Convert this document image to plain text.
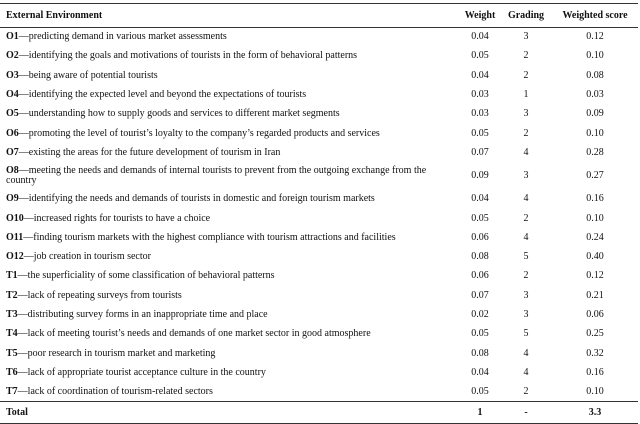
External Environment	Weight	Grading	Weighted score
O1—predicting demand in various market assessments	0.04	3	0.12
O2—identifying the goals and motivations of tourists in the form of behavioral patterns	0.05	2	0.10
O3—being aware of potential tourists	0.04	2	0.08
O4—identifying the expected level and beyond the expectations of tourists	0.03	1	0.03
O5—understanding how to supply goods and services to different market segments	0.03	3	0.09
O6—promoting the level of tourist’s loyalty to the company’s regarded products and services	0.05	2	0.10
O7—existing the areas for the future development of tourism in Iran	0.07	4	0.28
O8—meeting the needs and demands of internal tourists to prevent from the outgoing exchange from the country	0.09	3	0.27
O9—identifying the needs and demands of tourists in domestic and foreign tourism markets	0.04	4	0.16
O10—increased rights for tourists to have a choice	0.05	2	0.10
O11—finding tourism markets with the highest compliance with tourism attractions and facilities	0.06	4	0.24
O12—job creation in tourism sector	0.08	5	0.40
T1—the superficiality of some classification of behavioral patterns	0.06	2	0.12
T2—lack of repeating surveys from tourists	0.07	3	0.21
T3—distributing survey forms in an inappropriate time and place	0.02	3	0.06
T4—lack of meeting tourist’s needs and demands of one market sector in good atmosphere	0.05	5	0.25
T5—poor research in tourism market and marketing	0.08	4	0.32
T6—lack of appropriate tourist acceptance culture in the country	0.04	4	0.16
T7—lack of coordination of tourism-related sectors	0.05	2	0.10
Total	1	-	3.3
